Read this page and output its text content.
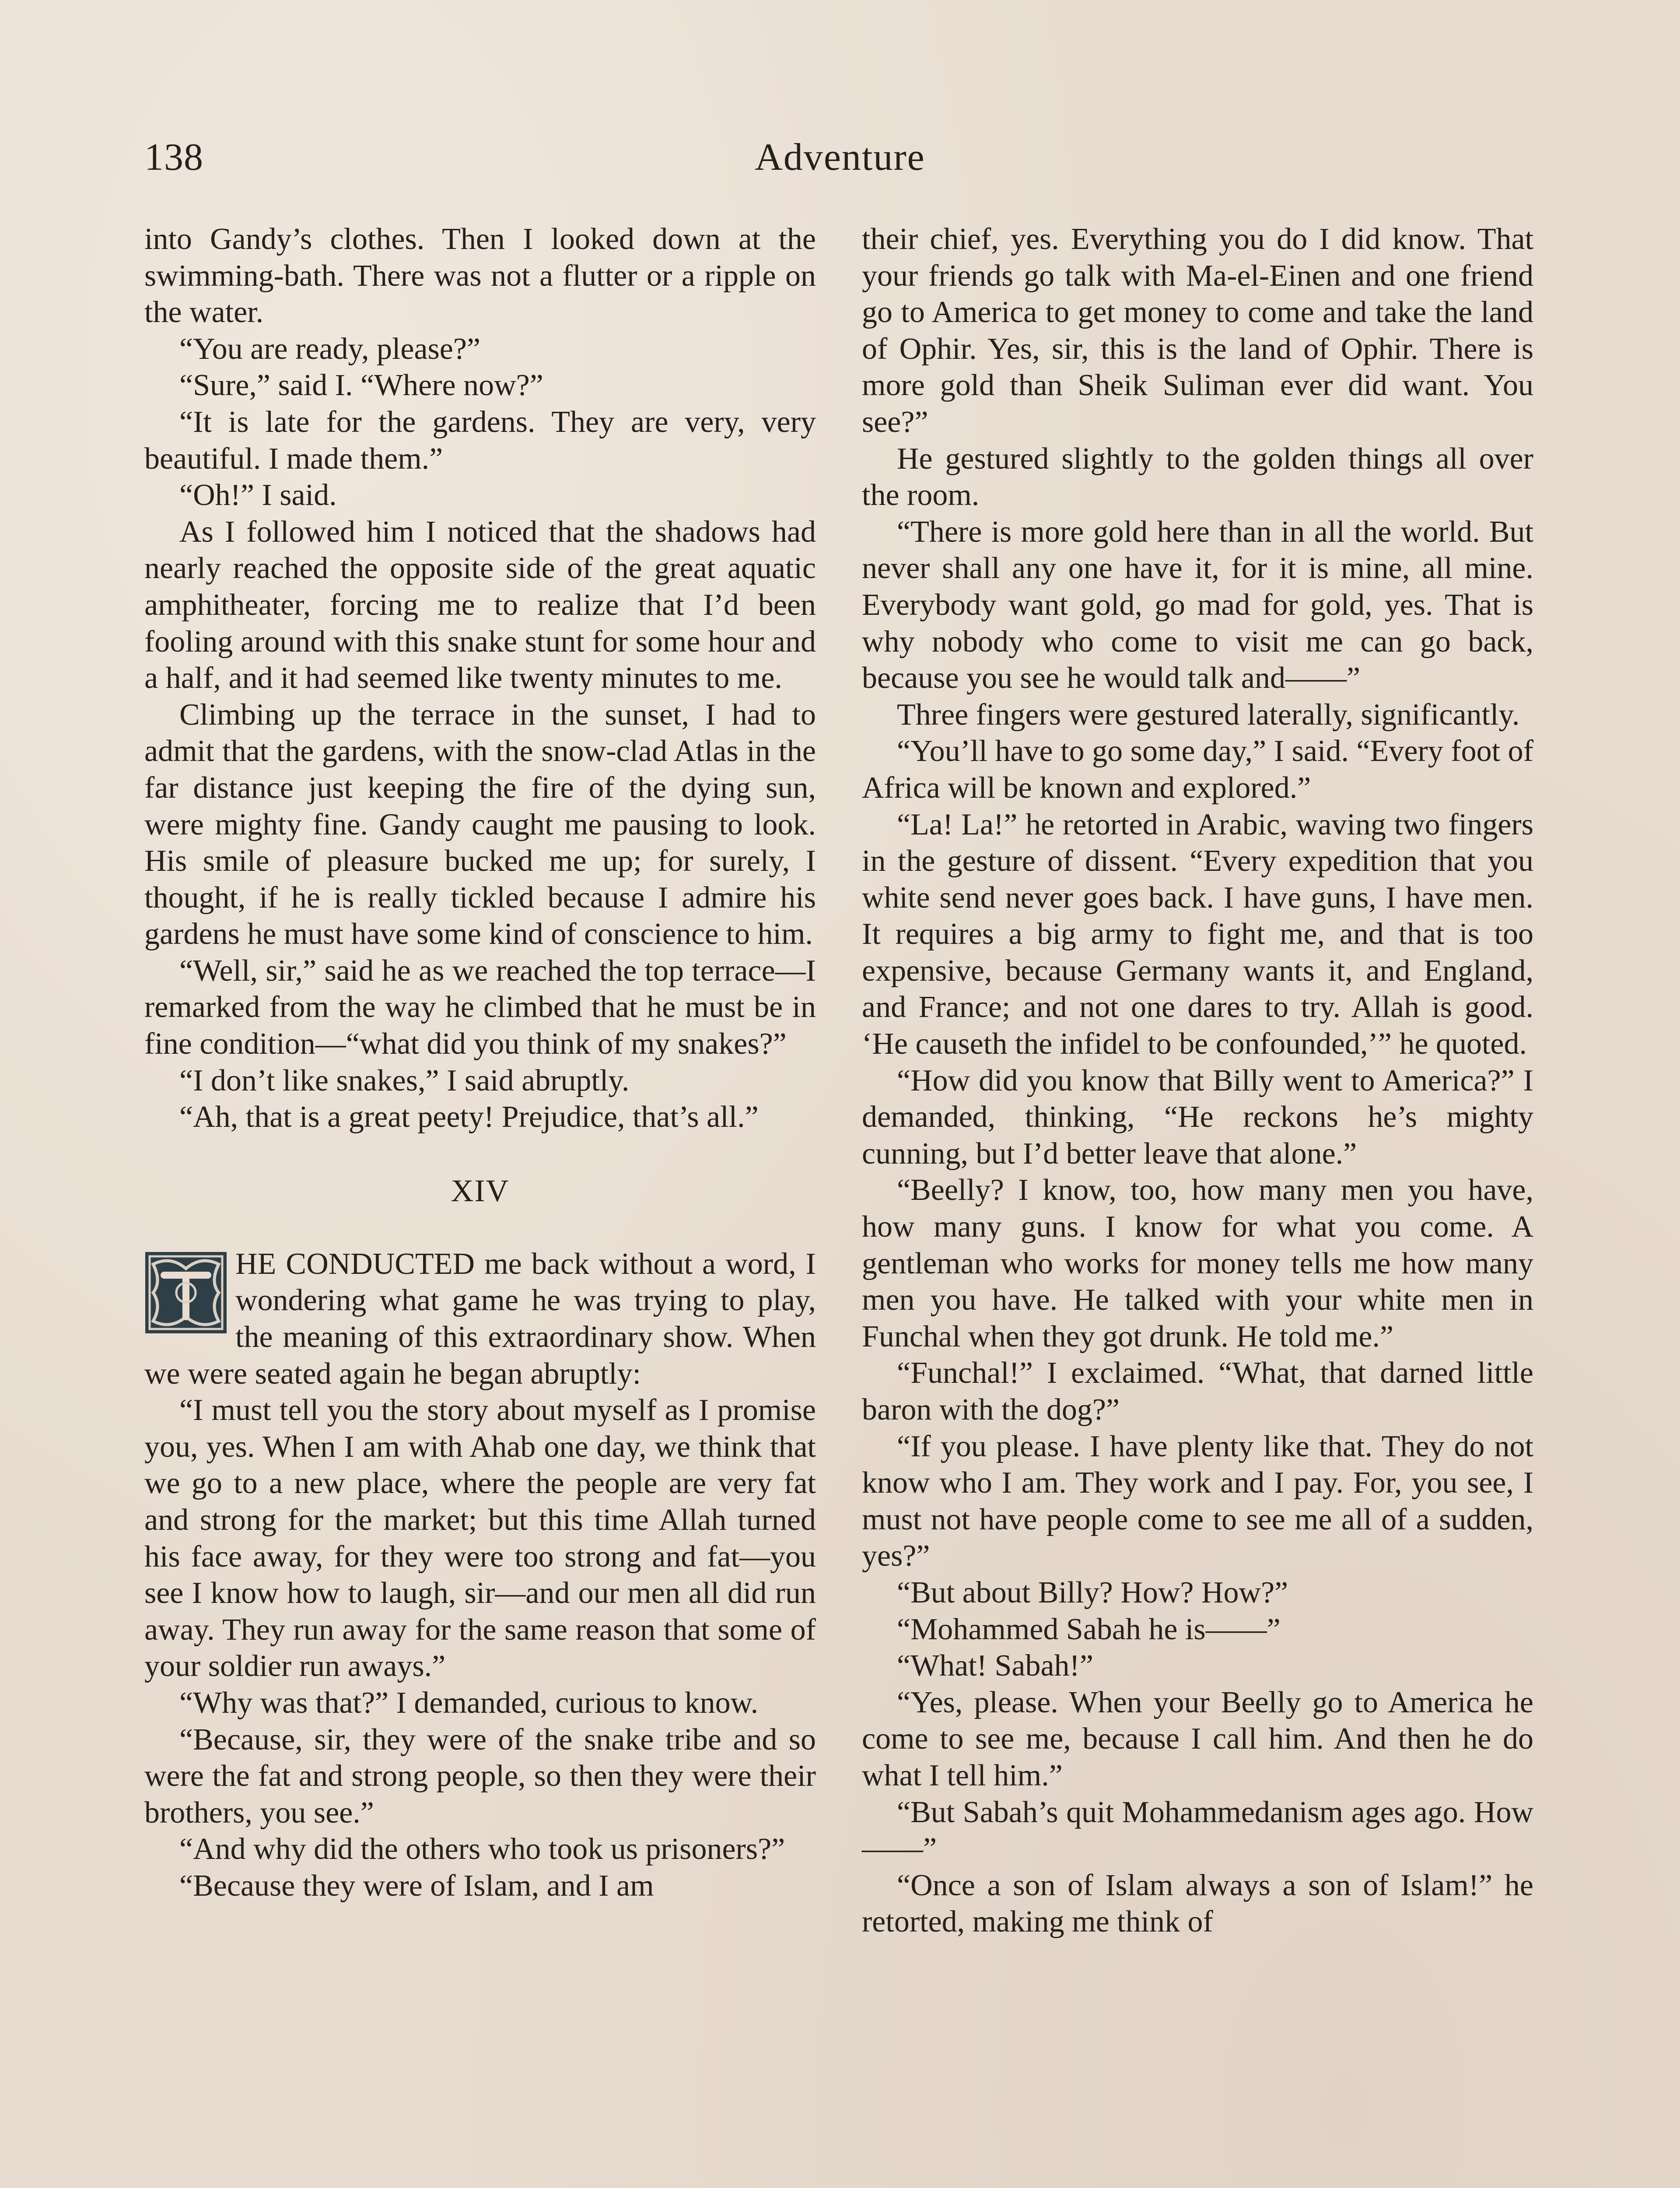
138	Adventure

into Gandy’s clothes. Then I looked down at the swimming-bath. There was not a flutter or a ripple on the water.

“You are ready, please?”

“Sure,” said I. “Where now?”

“It is late for the gardens. They are very, very beautiful. I made them.”

“Oh!” I said.

As I followed him I noticed that the shadows had nearly reached the opposite side of the great aquatic amphitheater, forcing me to realize that I’d been fooling around with this snake stunt for some hour and a half, and it had seemed like twenty minutes to me.

Climbing up the terrace in the sunset, I had to admit that the gardens, with the snow-clad Atlas in the far distance just keeping the fire of the dying sun, were mighty fine. Gandy caught me pausing to look. His smile of pleasure bucked me up; for surely, I thought, if he is really tickled because I admire his gardens he must have some kind of conscience to him.

“Well, sir,” said he as we reached the top terrace—I remarked from the way he climbed that he must be in fine condition—“what did you think of my snakes?”

“I don’t like snakes,” I said abruptly.

“Ah, that is a great peety! Prejudice, that’s all.”

XIV

HE CONDUCTED me back without a word, I wondering what game he was trying to play, the meaning of this extraordinary show. When we were seated again he began abruptly:

“I must tell you the story about myself as I promise you, yes. When I am with Ahab one day, we think that we go to a new place, where the people are very fat and strong for the market; but this time Allah turned his face away, for they were too strong and fat—you see I know how to laugh, sir—and our men all did run away. They run away for the same reason that some of your soldier run aways.”

“Why was that?” I demanded, curious to know.

“Because, sir, they were of the snake tribe and so were the fat and strong people, so then they were their brothers, you see.”

“And why did the others who took us prisoners?”

“Because they were of Islam, and I am

their chief, yes. Everything you do I did know. That your friends go talk with Ma-el-Einen and one friend go to America to get money to come and take the land of Ophir. Yes, sir, this is the land of Ophir. There is more gold than Sheik Suliman ever did want. You see?”

He gestured slightly to the golden things all over the room.

“There is more gold here than in all the world. But never shall any one have it, for it is mine, all mine. Everybody want gold, go mad for gold, yes. That is why nobody who come to visit me can go back, because you see he would talk and——”

Three fingers were gestured laterally, significantly.

“You’ll have to go some day,” I said. “Every foot of Africa will be known and explored.”

“La! La!” he retorted in Arabic, waving two fingers in the gesture of dissent. “Every expedition that you white send never goes back. I have guns, I have men. It requires a big army to fight me, and that is too expensive, because Germany wants it, and England, and France; and not one dares to try. Allah is good. ‘He causeth the infidel to be confounded,’” he quoted.

“How did you know that Billy went to America?” I demanded, thinking, “He reckons he’s mighty cunning, but I’d better leave that alone.”

“Beelly? I know, too, how many men you have, how many guns. I know for what you come. A gentleman who works for money tells me how many men you have. He talked with your white men in Funchal when they got drunk. He told me.”

“Funchal!” I exclaimed. “What, that darned little baron with the dog?”

“If you please. I have plenty like that. They do not know who I am. They work and I pay. For, you see, I must not have people come to see me all of a sudden, yes?”

“But about Billy? How? How?”

“Mohammed Sabah he is——”

“What! Sabah!”

“Yes, please. When your Beelly go to America he come to see me, because I call him. And then he do what I tell him.”

“But Sabah’s quit Mohammedanism ages ago. How——”

“Once a son of Islam always a son of Islam!” he retorted, making me think of
